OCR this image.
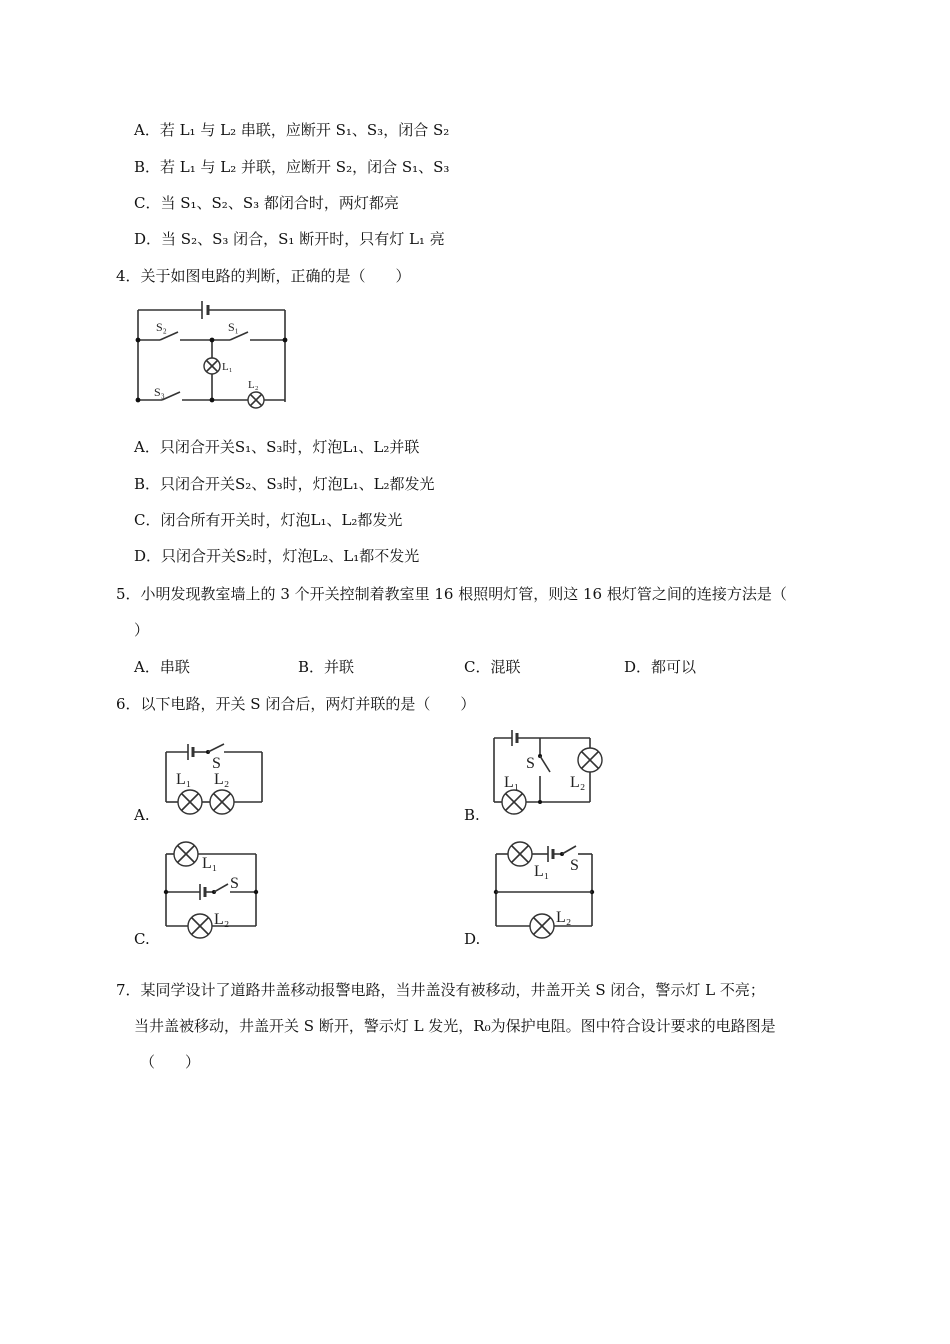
A．若 L₁ 与 L₂ 串联，应断开 S₁、S₃，闭合 S₂
B．若 L₁ 与 L₂ 并联，应断开 S₂，闭合 S₁、S₃
C．当 S₁、S₂、S₃ 都闭合时，两灯都亮
D．当 S₂、S₃ 闭合，S₁ 断开时，只有灯 L₁ 亮
4．关于如图电路的判断，正确的是（　　）
S₂	S₁
L₁
S₃	L₂
A．只闭合开关S₁、S₃时，灯泡L₁、L₂并联
B．只闭合开关S₂、S₃时，灯泡L₁、L₂都发光
C．闭合所有开关时，灯泡L₁、L₂都发光
D．只闭合开关S₂时，灯泡L₂、L₁都不发光
5．小明发现教室墙上的 3 个开关控制着教室里 16 根照明灯管，则这 16 根灯管之间的连接方法是（
）
A．串联	B．并联	C．混联	D．都可以
6．以下电路，开关 S 闭合后，两灯并联的是（　　）
A.
S
L₁ L₂
B.
S
L₁	L₂
C.
L₁
S
L₂
D.
L₁ S
L₂
7．某同学设计了道路井盖移动报警电路，当井盖没有被移动，井盖开关 S 闭合，警示灯 L 不亮；
当井盖被移动，井盖开关 S 断开，警示灯 L 发光，R₀为保护电阻。图中符合设计要求的电路图是
（　　）
